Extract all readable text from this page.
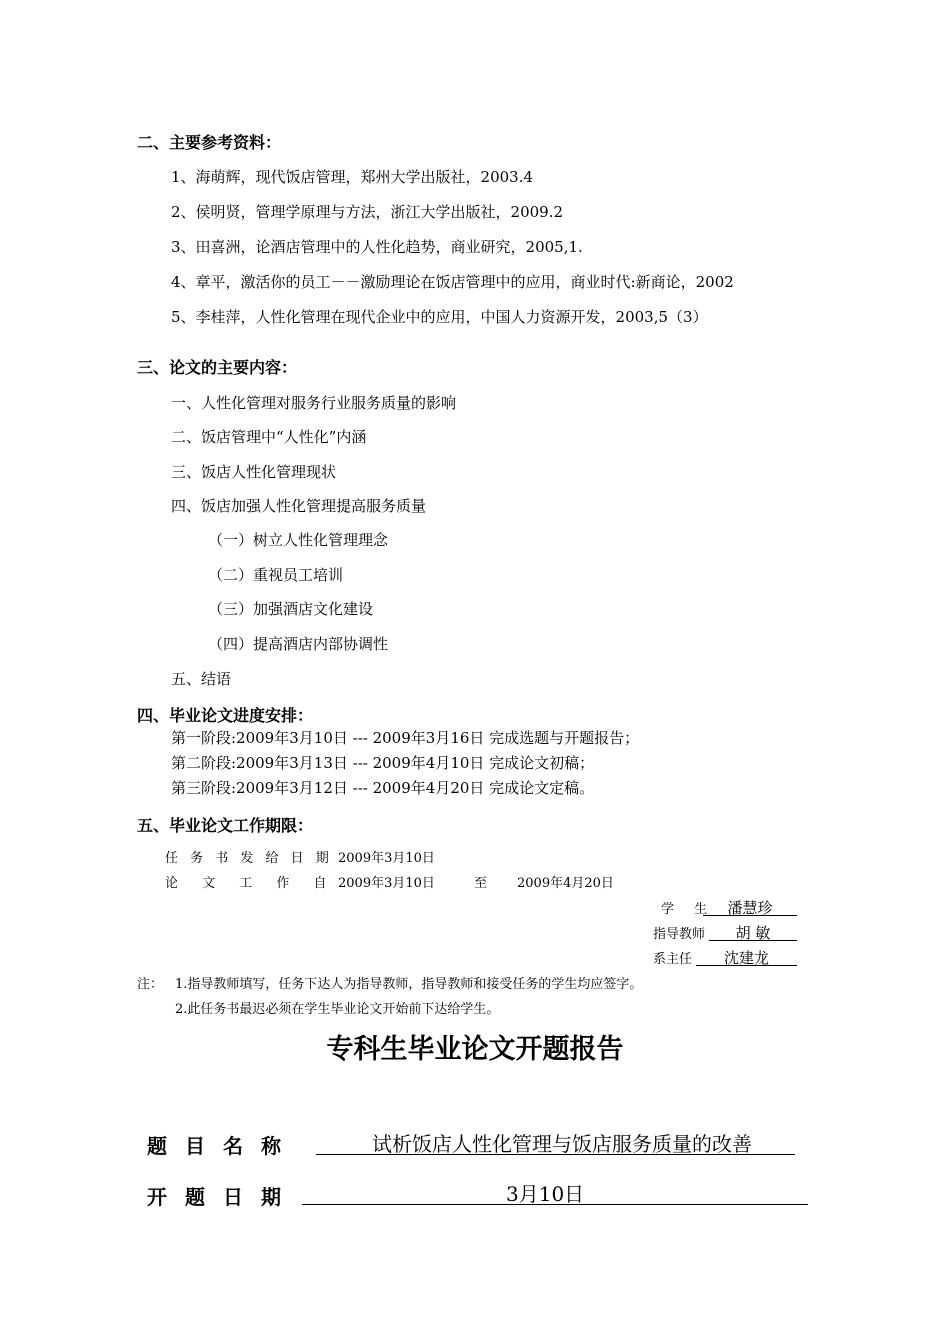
二、主要参考资料：
1、海萌辉，现代饭店管理，郑州大学出版社，2003.4
2、侯明贤，管理学原理与方法，浙江大学出版社，2009.2
3、田喜洲，论酒店管理中的人性化趋势，商业研究，2005,1.
4、章平，激活你的员工－－激励理论在饭店管理中的应用，商业时代:新商论，2002
5、李桂萍，人性化管理在现代企业中的应用，中国人力资源开发，2003,5（3）
三、论文的主要内容：
一、人性化管理对服务行业服务质量的影响
二、饭店管理中“人性化”内涵
三、饭店人性化管理现状
四、饭店加强人性化管理提高服务质量
（一）树立人性化管理理念
（二）重视员工培训
（三）加强酒店文化建设
（四）提高酒店内部协调性
五、结语
四、毕业论文进度安排：
第一阶段:2009年3月10日 --- 2009年3月16日 完成选题与开题报告；
第二阶段:2009年3月13日 --- 2009年4月10日 完成论文初稿；
第三阶段:2009年3月12日 --- 2009年4月20日 完成论文定稿。
五、毕业论文工作期限：
任 务 书 发 给 日 期 2009年3月10日
论 文 工 作 自 2009年3月10日	至 2009年4月20日
学 生 潘慧珍
指导教师	胡 敏
系主任	沈建龙
注： 1.指导教师填写，任务下达人为指导教师，指导教师和接受任务的学生均应签字。
2.此任务书最迟必须在学生毕业论文开始前下达给学生。
专科生毕业论文开题报告
题目名称	试析饭店人性化管理与饭店服务质量的改善
开题日期	3月10日
